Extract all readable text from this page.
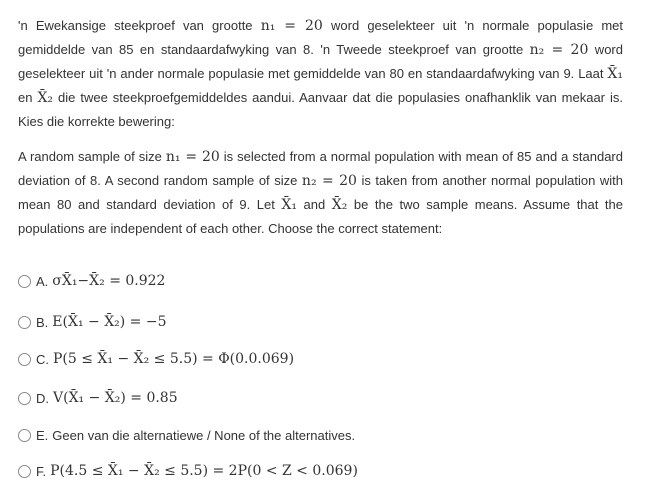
'n Ewekansige steekproef van grootte n₁ = 20 word geselekteer uit 'n normale populasie met gemiddelde van 85 en standaardafwyking van 8. 'n Tweede steekproef van grootte n₂ = 20 word geselekteer uit 'n ander normale populasie met gemiddelde van 80 en standaardafwyking van 9. Laat X̄₁ en X̄₂ die twee steekproefgemiddeldes aandui. Aanvaar dat die populasies onafhanklik van mekaar is. Kies die korrekte bewering:
A random sample of size n₁ = 20 is selected from a normal population with mean of 85 and a standard deviation of 8. A second random sample of size n₂ = 20 is taken from another normal population with mean 80 and standard deviation of 9. Let X̄₁ and X̄₂ be the two sample means. Assume that the populations are independent of each other. Choose the correct statement:
A. σX̄₁−X̄₂ = 0.922
B. E(X̄₁ − X̄₂) = −5
C. P(5 ≤ X̄₁ − X̄₂ ≤ 5.5) = Φ(0.0.069)
D. V(X̄₁ − X̄₂) = 0.85
E. Geen van die alternatiewe / None of the alternatives.
F. P(4.5 ≤ X̄₁ − X̄₂ ≤ 5.5) = 2P(0 < Z < 0.069)
